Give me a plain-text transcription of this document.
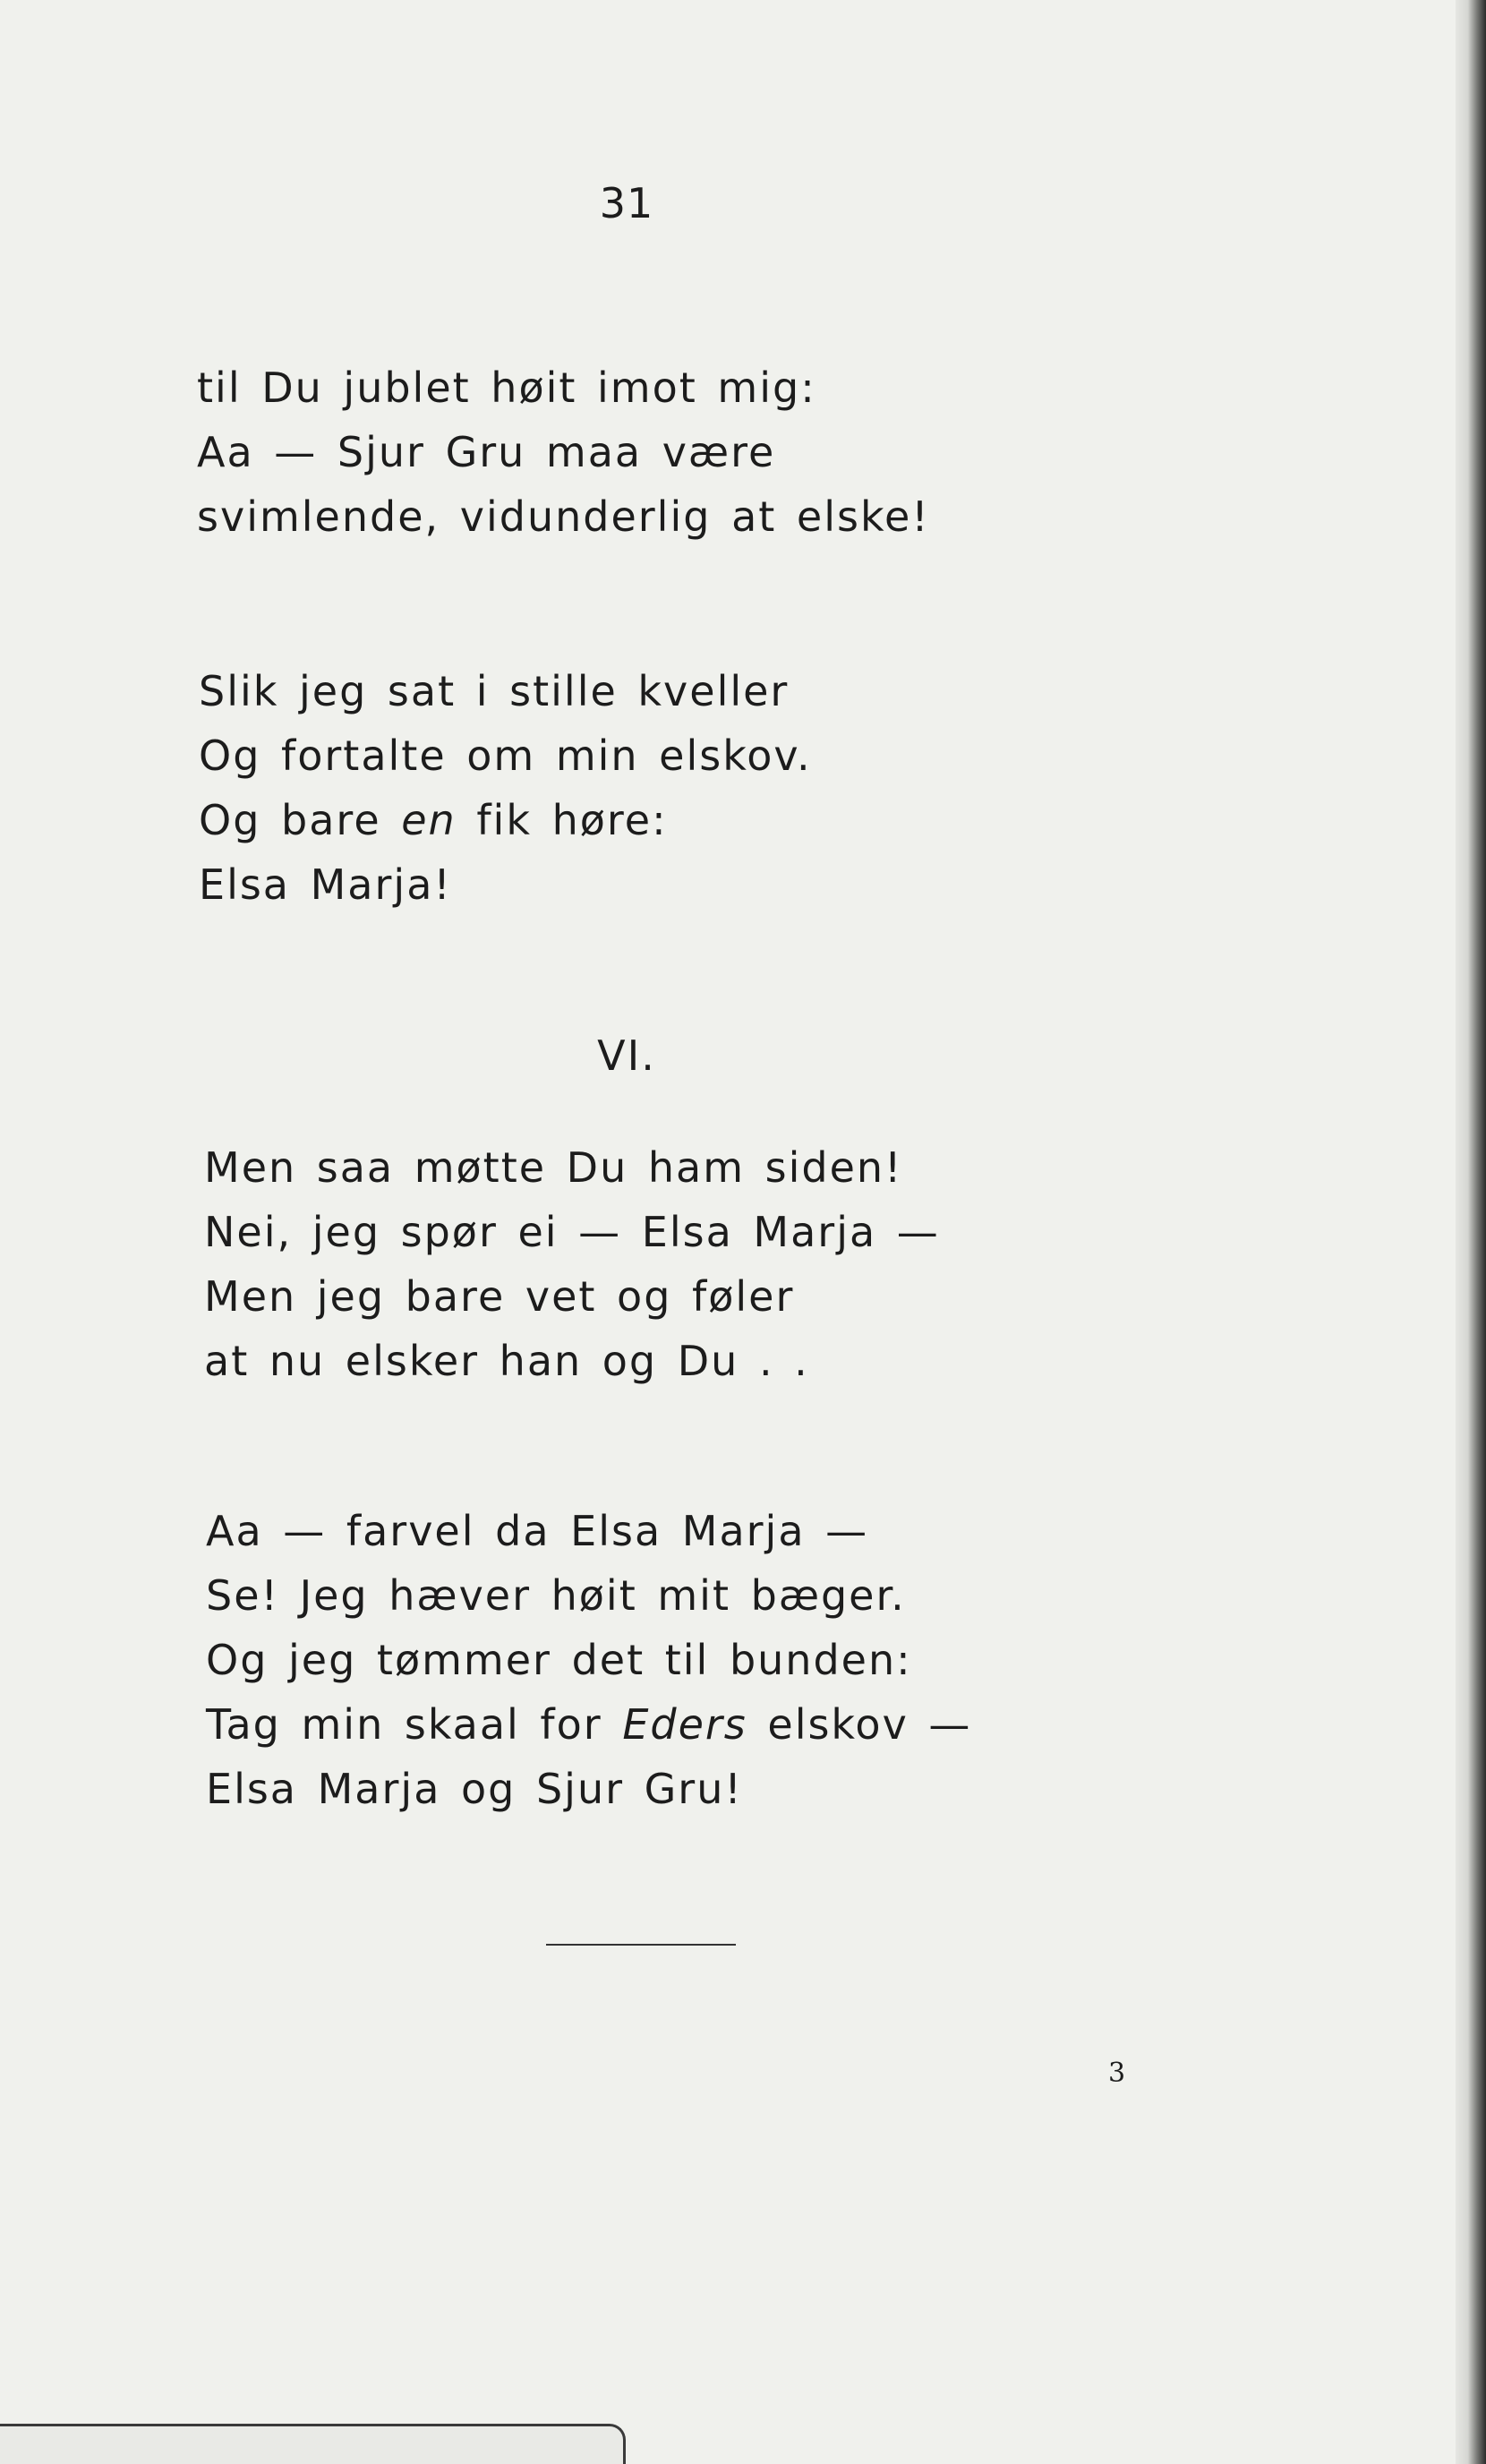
31
til Du jublet høit imot mig:
Aa — Sjur Gru maa være
svimlende, vidunderlig at elske!
Slik jeg sat i stille kveller
Og fortalte om min elskov.
Og bare en fik høre:
Elsa Marja!
VI.
Men saa møtte Du ham siden!
Nei, jeg spør ei — Elsa Marja —
Men jeg bare vet og føler
at nu elsker han og Du . .
Aa — farvel da Elsa Marja —
Se! Jeg hæver høit mit bæger.
Og jeg tømmer det til bunden:
Tag min skaal for Eders elskov —
Elsa Marja og Sjur Gru!
3
